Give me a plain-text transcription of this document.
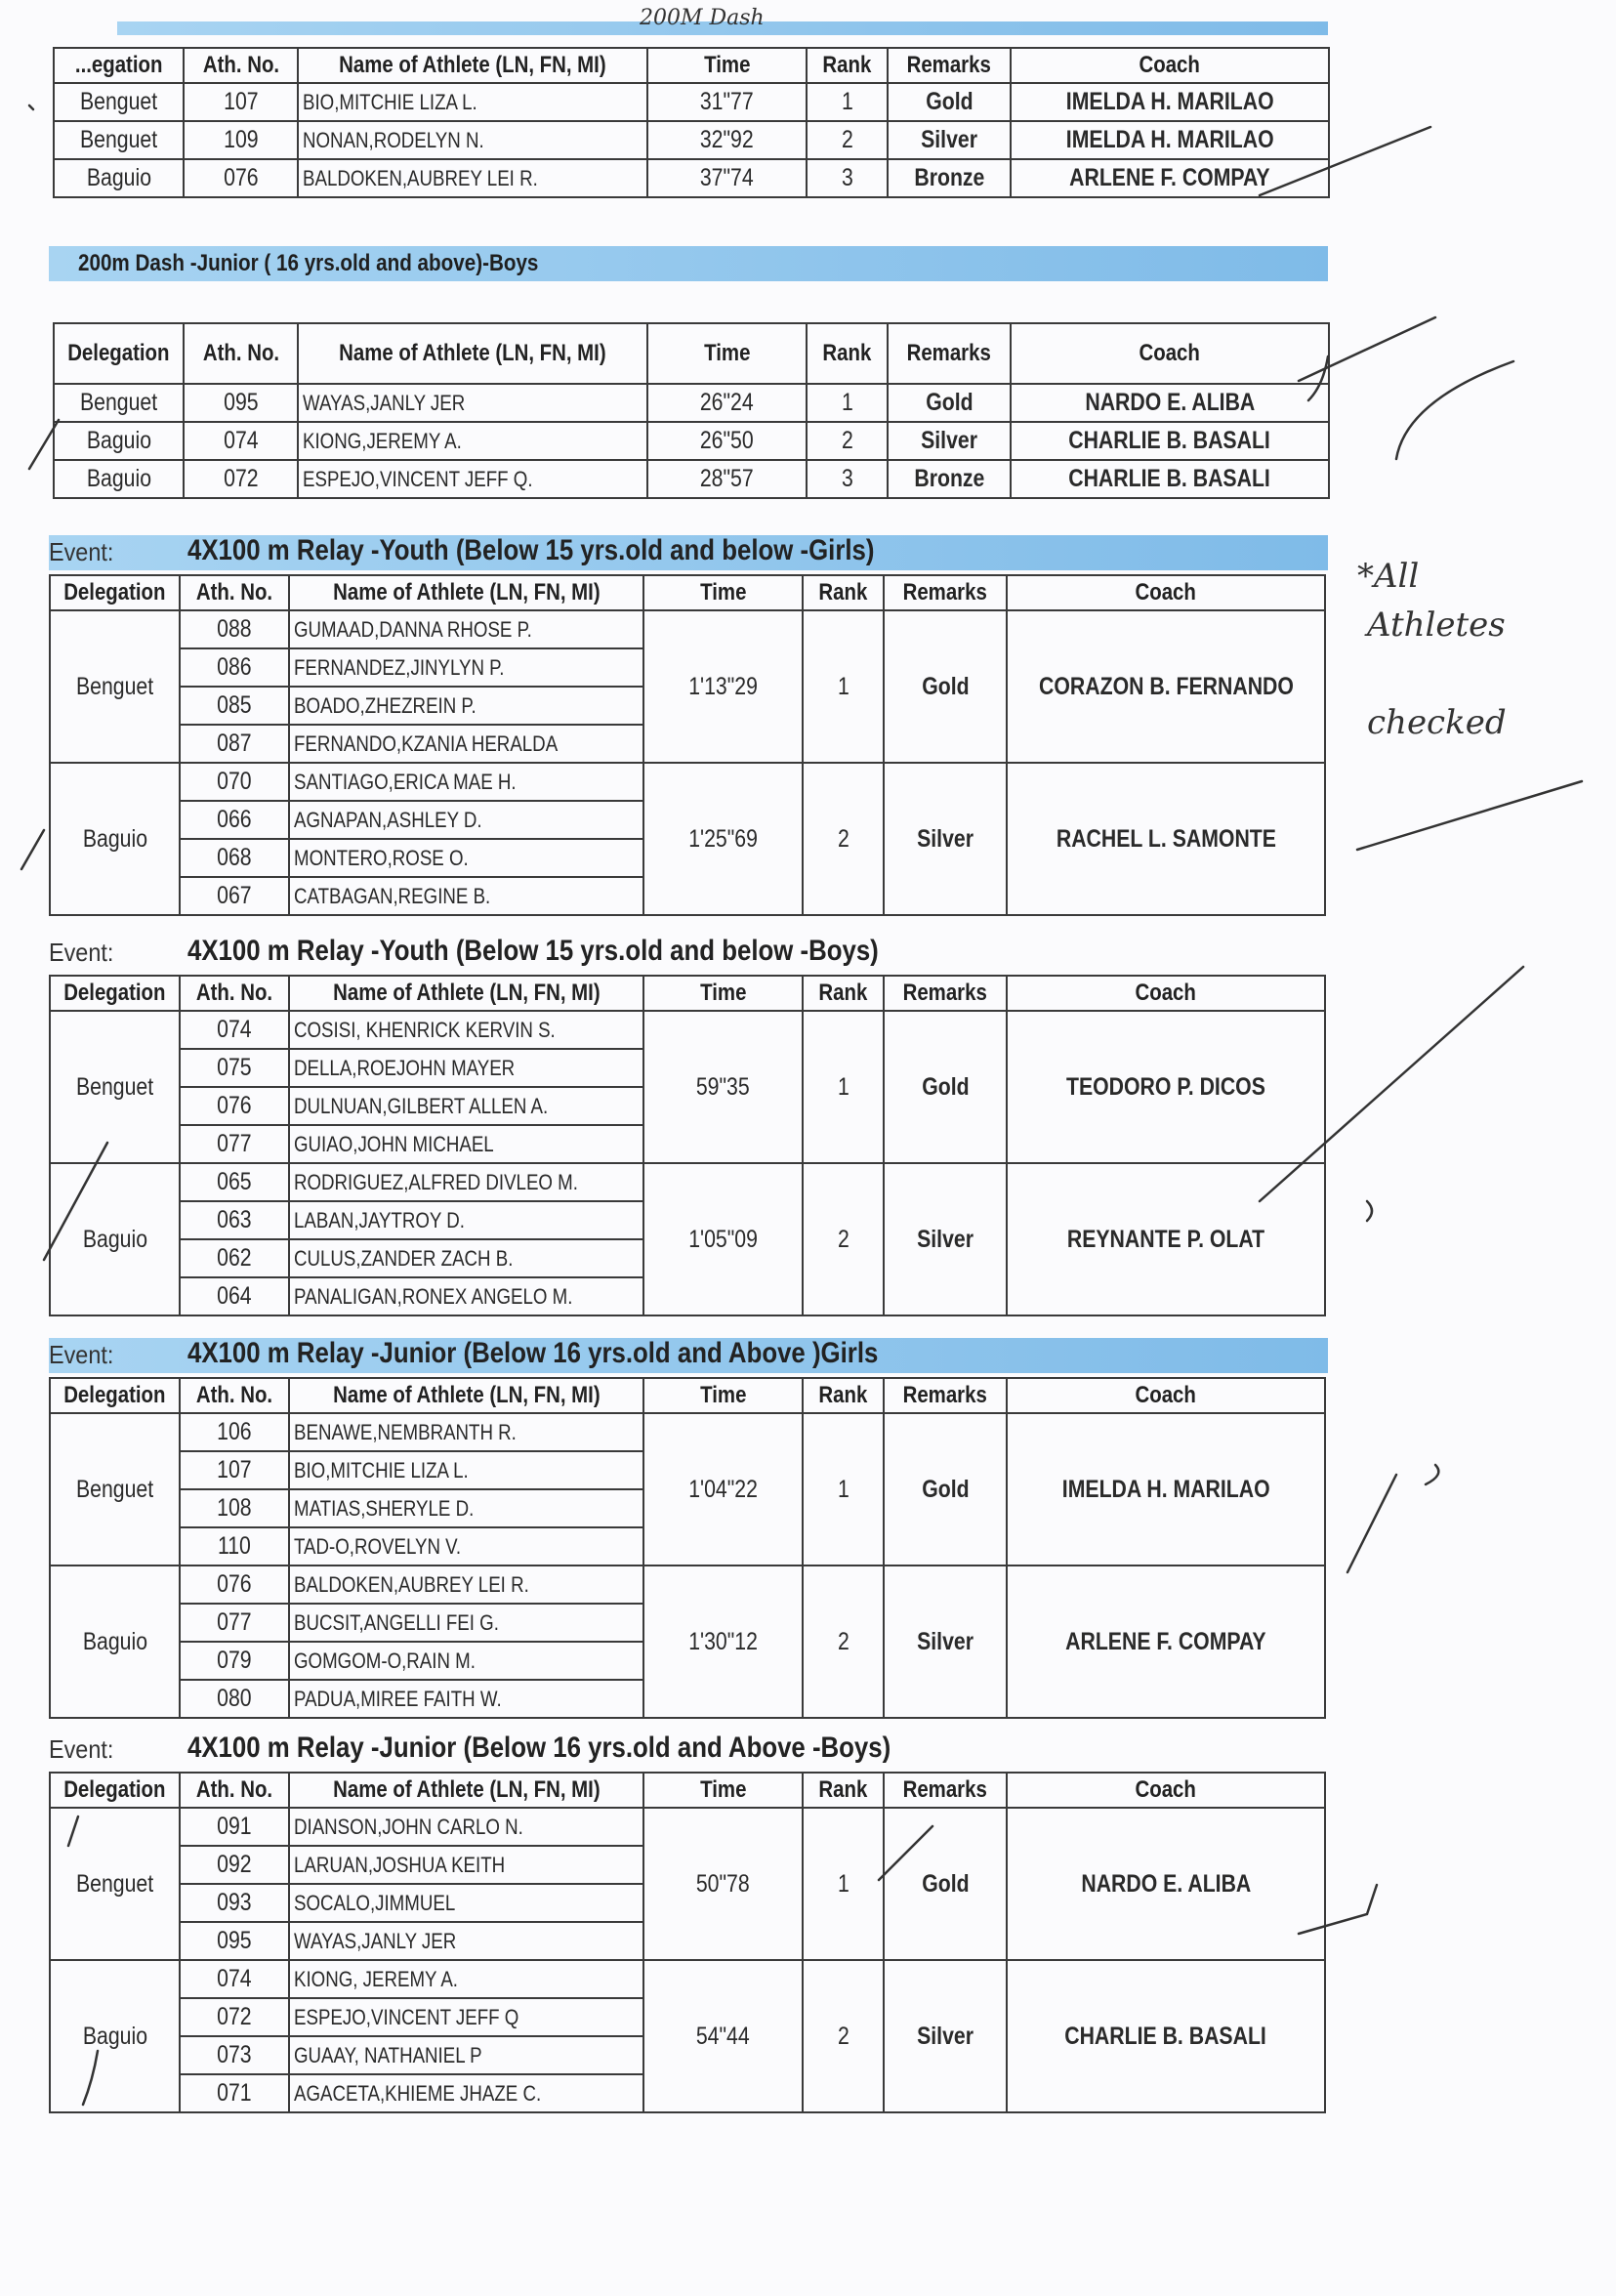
200M Dash
...egation	Ath. No.	Name of Athlete (LN, FN, MI)	Time	Rank	Remarks	Coach
Benguet	107	BIO,MITCHIE LIZA L.	31"77	1	Gold	IMELDA H. MARILAO
Benguet	109	NONAN,RODELYN N.	32"92	2	Silver	IMELDA H. MARILAO
Baguio	076	BALDOKEN,AUBREY LEI R.	37"74	3	Bronze	ARLENE F. COMPAY
200m Dash -Junior ( 16 yrs.old and above)-Boys
Delegation	Ath. No.	Name of Athlete (LN, FN, MI)	Time	Rank	Remarks	Coach
Benguet	095	WAYAS,JANLY JER	26"24	1	Gold	NARDO E. ALIBA
Baguio	074	KIONG,JEREMY A.	26"50	2	Silver	CHARLIE B. BASALI
Baguio	072	ESPEJO,VINCENT JEFF Q.	28"57	3	Bronze	CHARLIE B. BASALI
Event:	4X100 m Relay -Youth (Below 15 yrs.old and below -Girls)
Delegation	Ath. No.	Name of Athlete (LN, FN, MI)	Time	Rank	Remarks	Coach
Benguet	088	GUMAAD,DANNA RHOSE P.	1'13"29	1	Gold	CORAZON B. FERNANDO
	086	FERNANDEZ,JINYLYN P.				
	085	BOADO,ZHEZREIN P.				
	087	FERNANDO,KZANIA HERALDA				
Baguio	070	SANTIAGO,ERICA MAE H.	1'25"69	2	Silver	RACHEL L. SAMONTE
	066	AGNAPAN,ASHLEY D.				
	068	MONTERO,ROSE O.				
	067	CATBAGAN,REGINE B.				
Event:	4X100 m Relay -Youth (Below 15 yrs.old and below -Boys)
Delegation	Ath. No.	Name of Athlete (LN, FN, MI)	Time	Rank	Remarks	Coach
Benguet	074	COSISI, KHENRICK KERVIN S.	59"35	1	Gold	TEODORO P. DICOS
	075	DELLA,ROEJOHN MAYER				
	076	DULNUAN,GILBERT ALLEN A.				
	077	GUIAO,JOHN MICHAEL				
Baguio	065	RODRIGUEZ,ALFRED DIVLEO M.	1'05"09	2	Silver	REYNANTE P. OLAT
	063	LABAN,JAYTROY D.				
	062	CULUS,ZANDER ZACH B.				
	064	PANALIGAN,RONEX ANGELO M.				
Event:	4X100 m Relay -Junior (Below 16 yrs.old and Above )Girls
Delegation	Ath. No.	Name of Athlete (LN, FN, MI)	Time	Rank	Remarks	Coach
Benguet	106	BENAWE,NEMBRANTH R.	1'04"22	1	Gold	IMELDA H. MARILAO
	107	BIO,MITCHIE LIZA L.				
	108	MATIAS,SHERYLE D.				
	110	TAD-O,ROVELYN V.				
Baguio	076	BALDOKEN,AUBREY LEI R.	1'30"12	2	Silver	ARLENE F. COMPAY
	077	BUCSIT,ANGELLI FEI G.				
	079	GOMGOM-O,RAIN M.				
	080	PADUA,MIREE FAITH W.				
Event:	4X100 m Relay -Junior (Below 16 yrs.old and Above -Boys)
Delegation	Ath. No.	Name of Athlete (LN, FN, MI)	Time	Rank	Remarks	Coach
Benguet	091	DIANSON,JOHN CARLO N.	50"78	1	Gold	NARDO E. ALIBA
	092	LARUAN,JOSHUA KEITH				
	093	SOCALO,JIMMUEL				
	095	WAYAS,JANLY JER				
Baguio	074	KIONG, JEREMY A.	54"44	2	Silver	CHARLIE B. BASALI
	072	ESPEJO,VINCENT JEFF Q				
	073	GUAAY, NATHANIEL P				
	071	AGACETA,KHIEME JHAZE C.				
*All
Athletes
checked
